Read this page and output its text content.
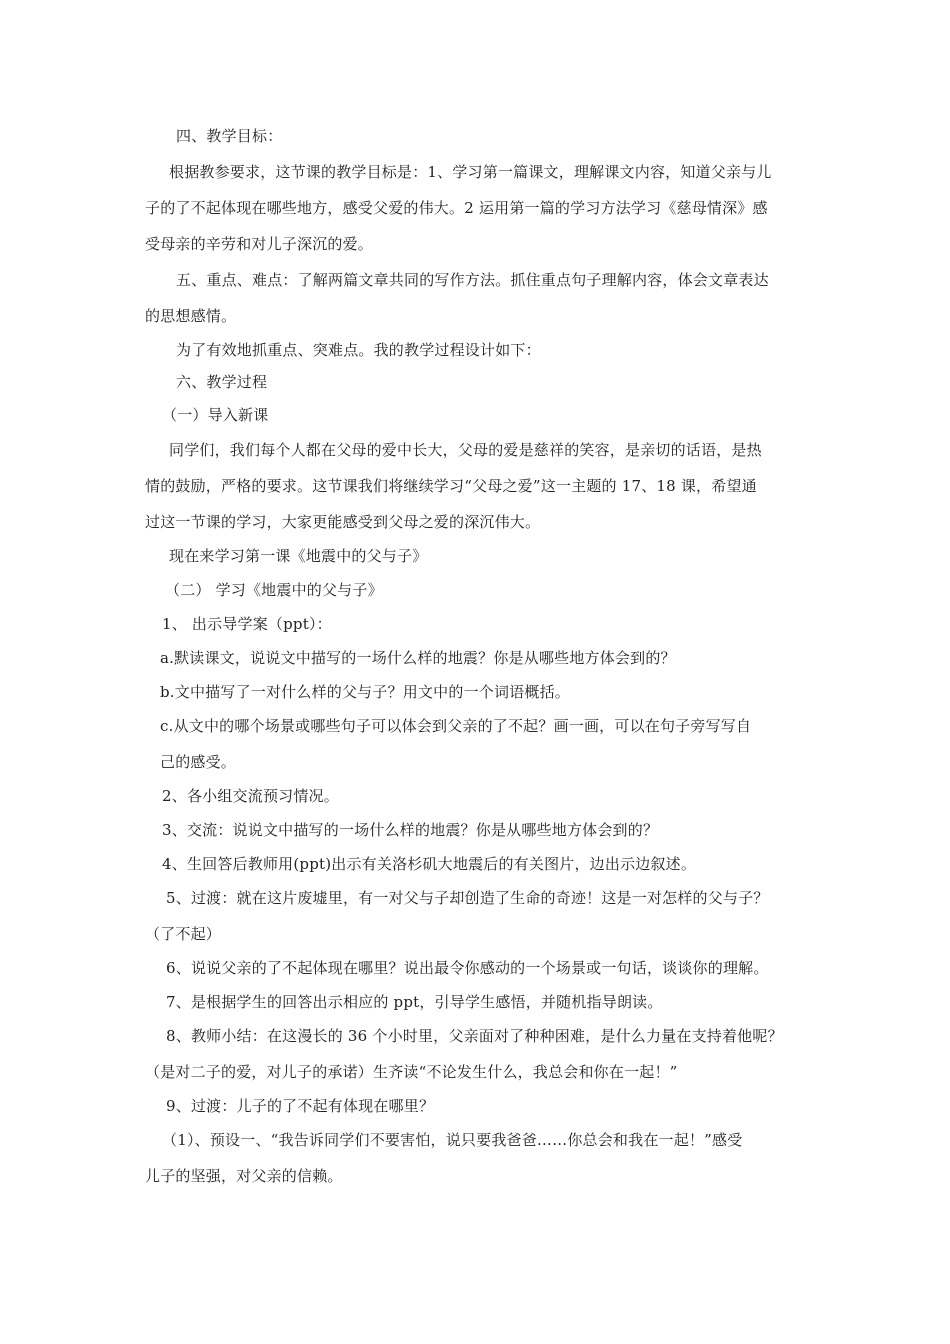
四、教学目标：
根据教参要求，这节课的教学目标是：1、学习第一篇课文，理解课文内容，知道父亲与儿
子的了不起体现在哪些地方，感受父爱的伟大。2 运用第一篇的学习方法学习《慈母情深》感
受母亲的辛劳和对儿子深沉的爱。
五、重点、难点：了解两篇文章共同的写作方法。抓住重点句子理解内容，体会文章表达
的思想感情。
为了有效地抓重点、突难点。我的教学过程设计如下：
六、教学过程
（一）导入新课
同学们，我们每个人都在父母的爱中长大，父母的爱是慈祥的笑容，是亲切的话语，是热
情的鼓励，严格的要求。这节课我们将继续学习“父母之爱”这一主题的 17、18 课，希望通
过这一节课的学习，大家更能感受到父母之爱的深沉伟大。
现在来学习第一课《地震中的父与子》
（二） 学习《地震中的父与子》
1、 出示导学案（ppt）：
a.默读课文，说说文中描写的一场什么样的地震？你是从哪些地方体会到的？
b.文中描写了一对什么样的父与子？用文中的一个词语概括。
c.从文中的哪个场景或哪些句子可以体会到父亲的了不起？画一画，可以在句子旁写写自
己的感受。
2、各小组交流预习情况。
3、交流：说说文中描写的一场什么样的地震？你是从哪些地方体会到的？
4、生回答后教师用(ppt)出示有关洛杉矶大地震后的有关图片，边出示边叙述。
5、过渡：就在这片废墟里，有一对父与子却创造了生命的奇迹！这是一对怎样的父与子？
（了不起）
6、说说父亲的了不起体现在哪里？说出最令你感动的一个场景或一句话，谈谈你的理解。
7、是根据学生的回答出示相应的 ppt，引导学生感悟，并随机指导朗读。
8、教师小结：在这漫长的 36 个小时里，父亲面对了种种困难，是什么力量在支持着他呢？
（是对二子的爱，对儿子的承诺）生齐读“不论发生什么，我总会和你在一起！”
9、过渡：儿子的了不起有体现在哪里？
（1）、预设一、“我告诉同学们不要害怕，说只要我爸爸……你总会和我在一起！”感受
儿子的坚强，对父亲的信赖。
